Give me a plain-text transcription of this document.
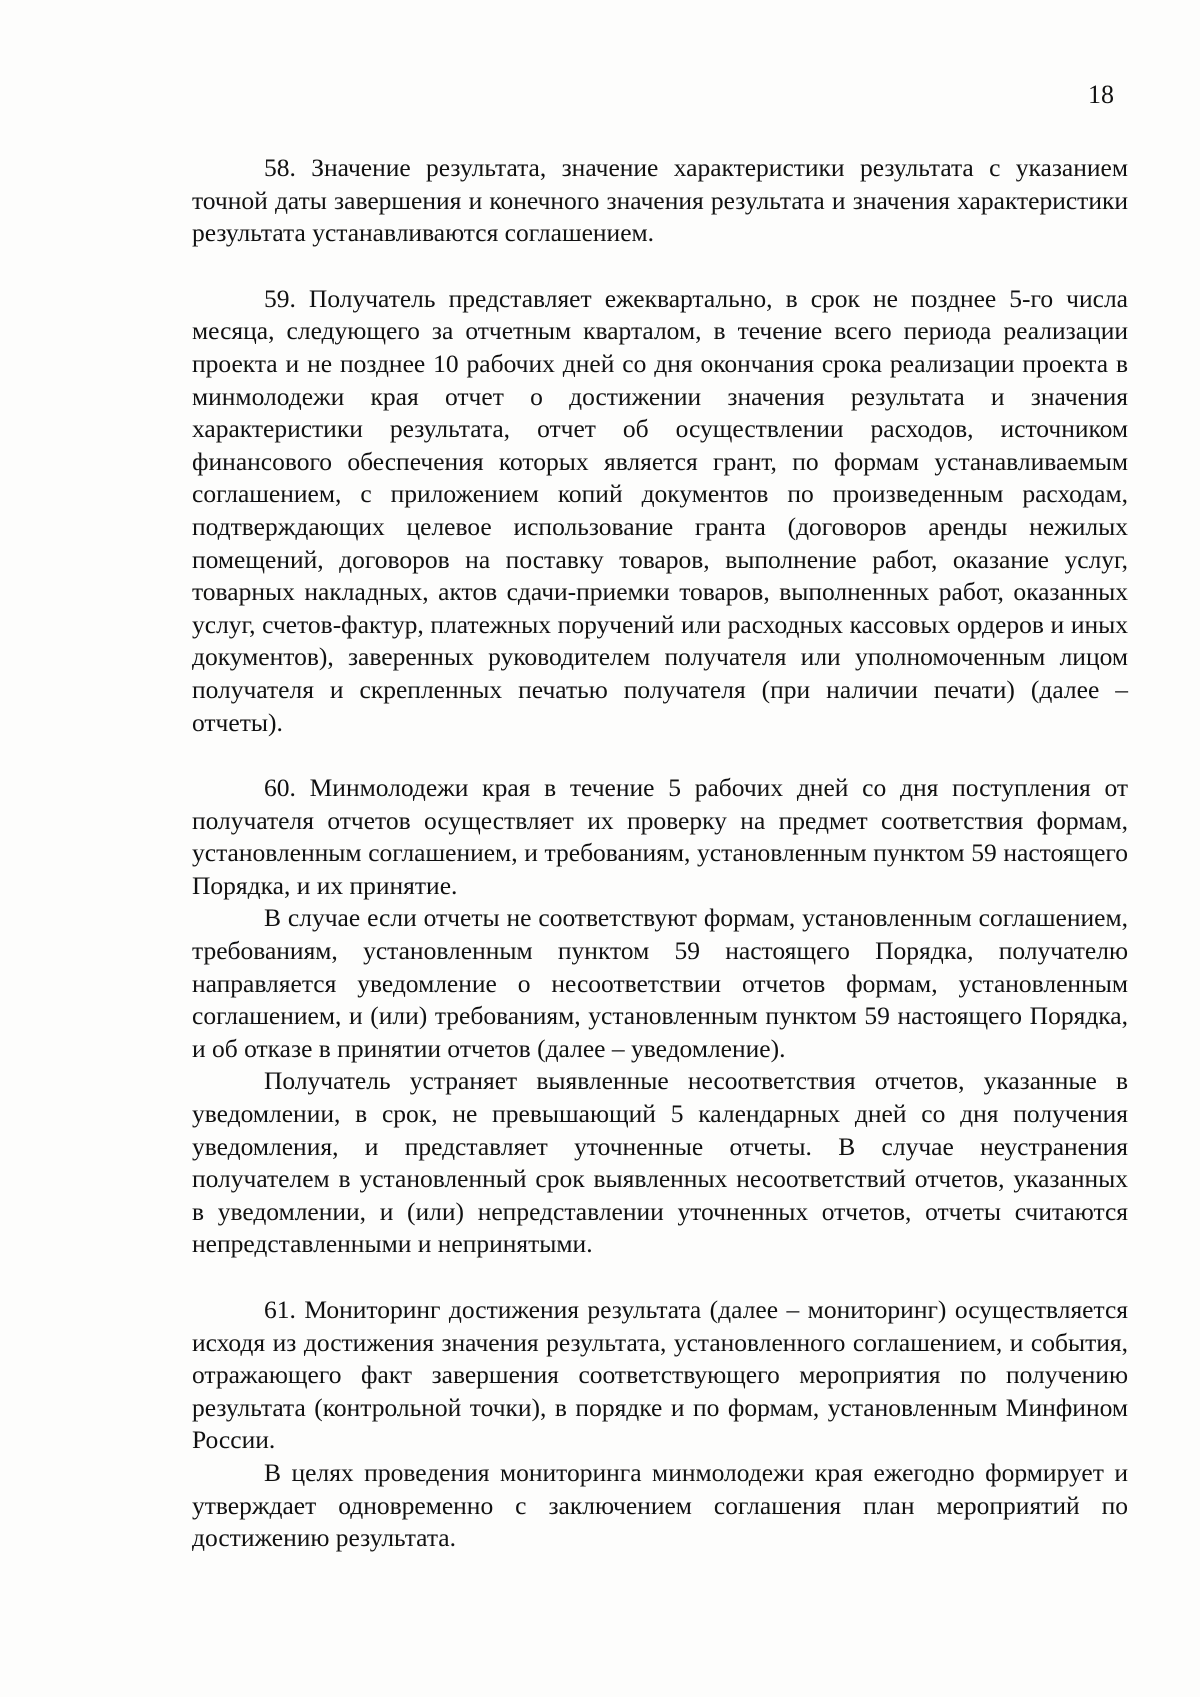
18

58. Значение результата, значение характеристики результата с указанием точной даты завершения и конечного значения результата и значения характеристики результата устанавливаются соглашением.

59. Получатель представляет ежеквартально, в срок не позднее 5-го числа месяца, следующего за отчетным кварталом, в течение всего периода реализации проекта и не позднее 10 рабочих дней со дня окончания срока реализации проекта в минмолодежи края отчет о достижении значения результата и значения характеристики результата, отчет об осуществлении расходов, источником финансового обеспечения которых является грант, по формам устанавливаемым соглашением, с приложением копий документов по произведенным расходам, подтверждающих целевое использование гранта (договоров аренды нежилых помещений, договоров на поставку товаров, выполнение работ, оказание услуг, товарных накладных, актов сдачи-приемки товаров, выполненных работ, оказанных услуг, счетов-фактур, платежных поручений или расходных кассовых ордеров и иных документов), заверенных руководителем получателя или уполномоченным лицом получателя и скрепленных печатью получателя (при наличии печати) (далее – отчеты).

60. Минмолодежи края в течение 5 рабочих дней со дня поступления от получателя отчетов осуществляет их проверку на предмет соответствия формам, установленным соглашением, и требованиям, установленным пунктом 59 настоящего Порядка, и их принятие.

В случае если отчеты не соответствуют формам, установленным соглашением, требованиям, установленным пунктом 59 настоящего Порядка, получателю направляется уведомление о несоответствии отчетов формам, установленным соглашением, и (или) требованиям, установленным пунктом 59 настоящего Порядка, и об отказе в принятии отчетов (далее – уведомление).

Получатель устраняет выявленные несоответствия отчетов, указанные в уведомлении, в срок, не превышающий 5 календарных дней со дня получения уведомления, и представляет уточненные отчеты. В случае неустранения получателем в установленный срок выявленных несоответствий отчетов, указанных в уведомлении, и (или) непредставлении уточненных отчетов, отчеты считаются непредставленными и непринятыми.

61. Мониторинг достижения результата (далее – мониторинг) осуществляется исходя из достижения значения результата, установленного соглашением, и события, отражающего факт завершения соответствующего мероприятия по получению результата (контрольной точки), в порядке и по формам, установленным Минфином России.

В целях проведения мониторинга минмолодежи края ежегодно формирует и утверждает одновременно с заключением соглашения план мероприятий по достижению результата.
